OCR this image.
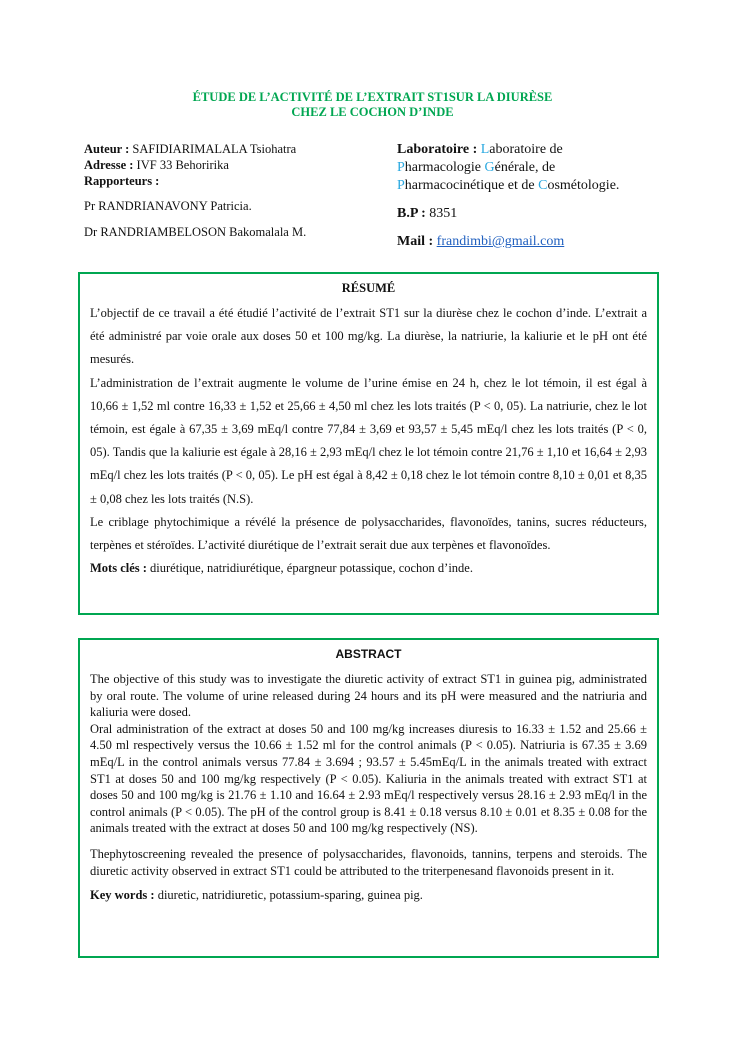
ÉTUDE DE L’ACTIVITÉ DE L’EXTRAIT ST1SUR LA DIURÈSE
CHEZ LE COCHON D’INDE

Auteur : SAFIDIARIMALALA Tsiohatra

Adresse : IVF 33 Behoririka

Rapporteurs :

Pr RANDRIANAVONY Patricia.

Dr RANDRIAMBELOSON Bakomalala M.

Laboratoire : Laboratoire de
Pharmacologie Générale, de
Pharmacocinétique et de Cosmétologie.

B.P : 8351

Mail : frandimbi@gmail.com

RÉSUMÉ

L’objectif de ce travail a été étudié l’activité de l’extrait ST1 sur la diurèse chez le cochon d’inde. L’extrait a été administré par voie orale aux doses 50 et 100 mg/kg. La diurèse, la natriurie, la kaliurie et le pH ont été mesurés.

L’administration de l’extrait augmente le volume de l’urine émise en 24 h, chez le lot témoin, il est égal à 10,66 ± 1,52 ml contre 16,33 ± 1,52 et 25,66 ± 4,50 ml chez les lots traités (P < 0, 05). La natriurie, chez le lot témoin, est égale à 67,35 ± 3,69 mEq/l contre 77,84 ± 3,69 et 93,57 ± 5,45 mEq/l chez les lots traités (P < 0, 05). Tandis que la kaliurie est égale à 28,16 ± 2,93 mEq/l chez le lot témoin contre 21,76 ± 1,10 et 16,64 ± 2,93 mEq/l chez les lots traités (P < 0, 05). Le pH est égal à 8,42 ± 0,18 chez le lot témoin contre 8,10 ± 0,01 et 8,35 ± 0,08 chez les lots traités (N.S).

Le criblage phytochimique a révélé la présence de polysaccharides, flavonoïdes, tanins, sucres réducteurs, terpènes et stéroïdes. L’activité diurétique de l’extrait serait due aux terpènes et flavonoïdes.

Mots clés : diurétique, natridiurétique, épargneur potassique, cochon d’inde.

ABSTRACT

The objective of this study was to investigate the diuretic activity of extract ST1 in guinea pig, administrated by oral route. The volume of urine released during 24 hours and its pH were measured and the natriuria and kaliuria were dosed.

Oral administration of the extract at doses 50 and 100 mg/kg increases diuresis to 16.33 ± 1.52 and 25.66 ± 4.50 ml respectively versus the 10.66 ± 1.52 ml for the control animals (P < 0.05). Natriuria is 67.35 ± 3.69 mEq/L in the control animals versus 77.84 ± 3.694 ; 93.57 ± 5.45mEq/L in the animals treated with extract ST1 at doses 50 and 100 mg/kg respectively (P < 0.05). Kaliuria in the animals treated with extract ST1 at doses 50 and 100 mg/kg is 21.76 ± 1.10 and 16.64 ± 2.93 mEq/l respectively versus 28.16 ± 2.93 mEq/l in the control animals (P < 0.05). The pH of the control group is 8.41 ± 0.18 versus 8.10 ± 0.01 et 8.35 ± 0.08 for the animals treated with the extract at doses 50 and 100 mg/kg respectively (NS).

Thephytoscreening revealed the presence of polysaccharides, flavonoids, tannins, terpens and steroids. The diuretic activity observed in extract ST1 could be attributed to the triterpenesand flavonoids present in it.

Key words : diuretic, natridiuretic, potassium-sparing, guinea pig.
